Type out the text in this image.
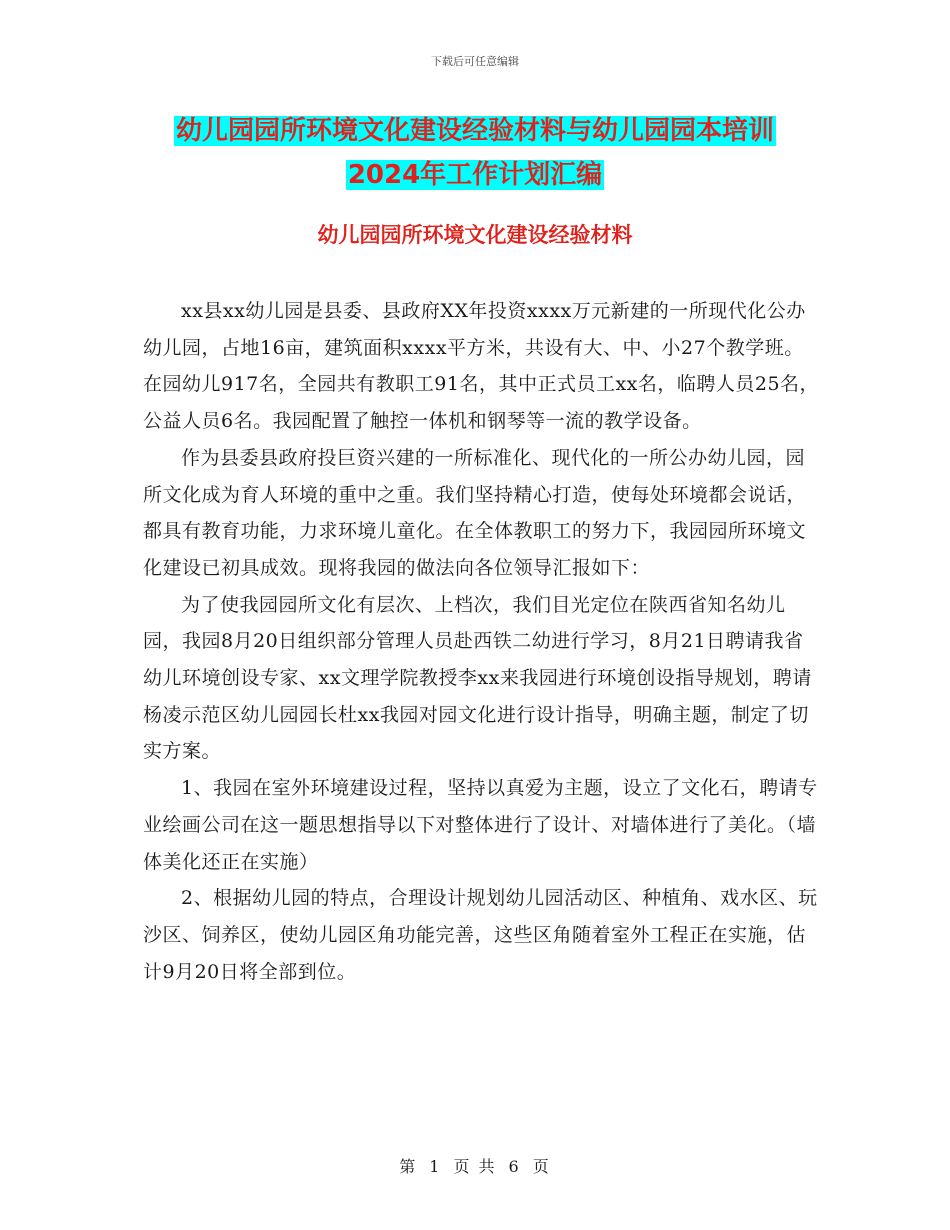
下载后可任意编辑
幼儿园园所环境文化建设经验材料与幼儿园园本培训
2024年工作计划汇编
幼儿园园所环境文化建设经验材料

xx县xx幼儿园是县委、县政府XX年投资xxxx万元新建的一所现代化公办幼儿园，占地16亩，建筑面积xxxx平方米，共设有大、中、小27个教学班。在园幼儿917名，全园共有教职工91名，其中正式员工xx名，临聘人员25名，公益人员6名。我园配置了触控一体机和钢琴等一流的教学设备。

作为县委县政府投巨资兴建的一所标准化、现代化的一所公办幼儿园，园所文化成为育人环境的重中之重。我们坚持精心打造，使每处环境都会说话，都具有教育功能，力求环境儿童化。在全体教职工的努力下，我园园所环境文化建设已初具成效。现将我园的做法向各位领导汇报如下：

为了使我园园所文化有层次、上档次，我们目光定位在陕西省知名幼儿园，我园8月20日组织部分管理人员赴西铁二幼进行学习，8月21日聘请我省幼儿环境创设专家、xx文理学院教授李xx来我园进行环境创设指导规划，聘请杨凌示范区幼儿园园长杜xx我园对园文化进行设计指导，明确主题，制定了切实方案。

1、我园在室外环境建设过程，坚持以真爱为主题，设立了文化石，聘请专业绘画公司在这一题思想指导以下对整体进行了设计、对墙体进行了美化。（墙体美化还正在实施）

2、根据幼儿园的特点，合理设计规划幼儿园活动区、种植角、戏水区、玩沙区、饲养区，使幼儿园区角功能完善，这些区角随着室外工程正在实施，估计9月20日将全部到位。

第 1 页 共 6 页
